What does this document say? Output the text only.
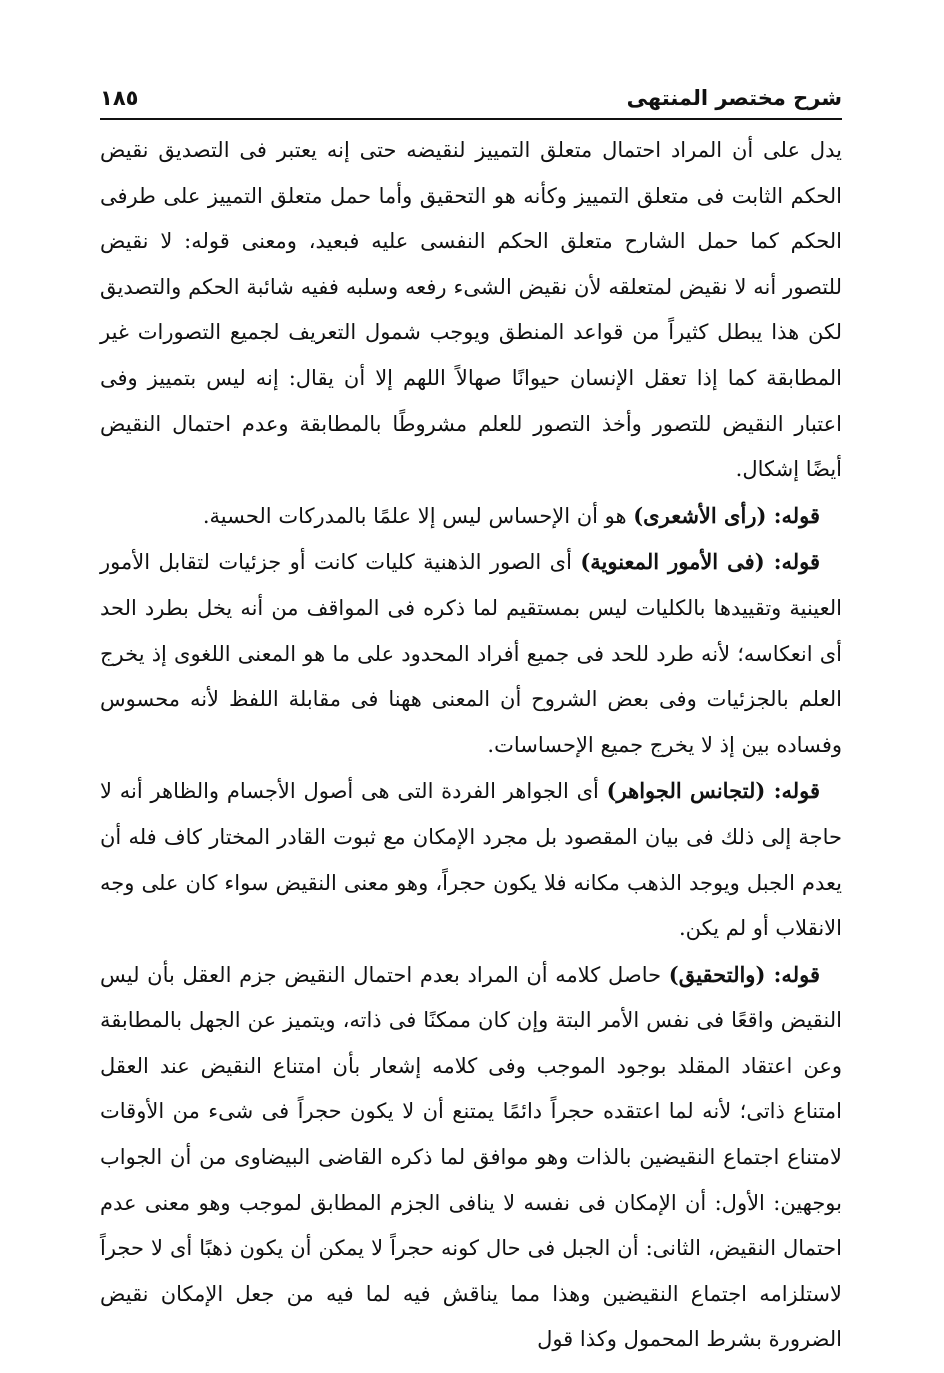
شرح مختصر المنتهى
١٨٥

يدل على أن المراد احتمال متعلق التمييز لنقيضه حتى إنه يعتبر فى التصديق نقيض الحكم الثابت فى متعلق التمييز وكأنه هو التحقيق وأما حمل متعلق التمييز على طرفى الحكم كما حمل الشارح متعلق الحكم النفسى عليه فبعيد، ومعنى قوله: لا نقيض للتصور أنه لا نقيض لمتعلقه لأن نقيض الشىء رفعه وسلبه ففيه شائبة الحكم والتصديق لكن هذا يبطل كثيراً من قواعد المنطق ويوجب شمول التعريف لجميع التصورات غير المطابقة كما إذا تعقل الإنسان حيوانًا صهالاً اللهم إلا أن يقال: إنه ليس بتمييز وفى اعتبار النقيض للتصور وأخذ التصور للعلم مشروطًا بالمطابقة وعدم احتمال النقيض أيضًا إشكال.

قوله: (رأى الأشعرى) هو أن الإحساس ليس إلا علمًا بالمدركات الحسية.

قوله: (فى الأمور المعنوية) أى الصور الذهنية كليات كانت أو جزئيات لتقابل الأمور العينية وتقييدها بالكليات ليس بمستقيم لما ذكره فى المواقف من أنه يخل بطرد الحد أى انعكاسه؛ لأنه طرد للحد فى جميع أفراد المحدود على ما هو المعنى اللغوى إذ يخرج العلم بالجزئيات وفى بعض الشروح أن المعنى ههنا فى مقابلة اللفظ لأنه محسوس وفساده بين إذ لا يخرج جميع الإحساسات.

قوله: (لتجانس الجواهر) أى الجواهر الفردة التى هى أصول الأجسام والظاهر أنه لا حاجة إلى ذلك فى بيان المقصود بل مجرد الإمكان مع ثبوت القادر المختار كاف فله أن يعدم الجبل ويوجد الذهب مكانه فلا يكون حجراً، وهو معنى النقيض سواء كان على وجه الانقلاب أو لم يكن.

قوله: (والتحقيق) حاصل كلامه أن المراد بعدم احتمال النقيض جزم العقل بأن ليس النقيض واقعًا فى نفس الأمر البتة وإن كان ممكنًا فى ذاته، ويتميز عن الجهل بالمطابقة وعن اعتقاد المقلد بوجود الموجب وفى كلامه إشعار بأن امتناع النقيض عند العقل امتناع ذاتى؛ لأنه لما اعتقده حجراً دائمًا يمتنع أن لا يكون حجراً فى شىء من الأوقات لامتناع اجتماع النقيضين بالذات وهو موافق لما ذكره القاضى البيضاوى من أن الجواب بوجهين: الأول: أن الإمكان فى نفسه لا ينافى الجزم المطابق لموجب وهو معنى عدم احتمال النقيض، الثانى: أن الجبل فى حال كونه حجراً لا يمكن أن يكون ذهبًا أى لا حجراً لاستلزامه اجتماع النقيضين وهذا مما يناقش فيه لما فيه من جعل الإمكان نقيض الضرورة بشرط المحمول وكذا قول
